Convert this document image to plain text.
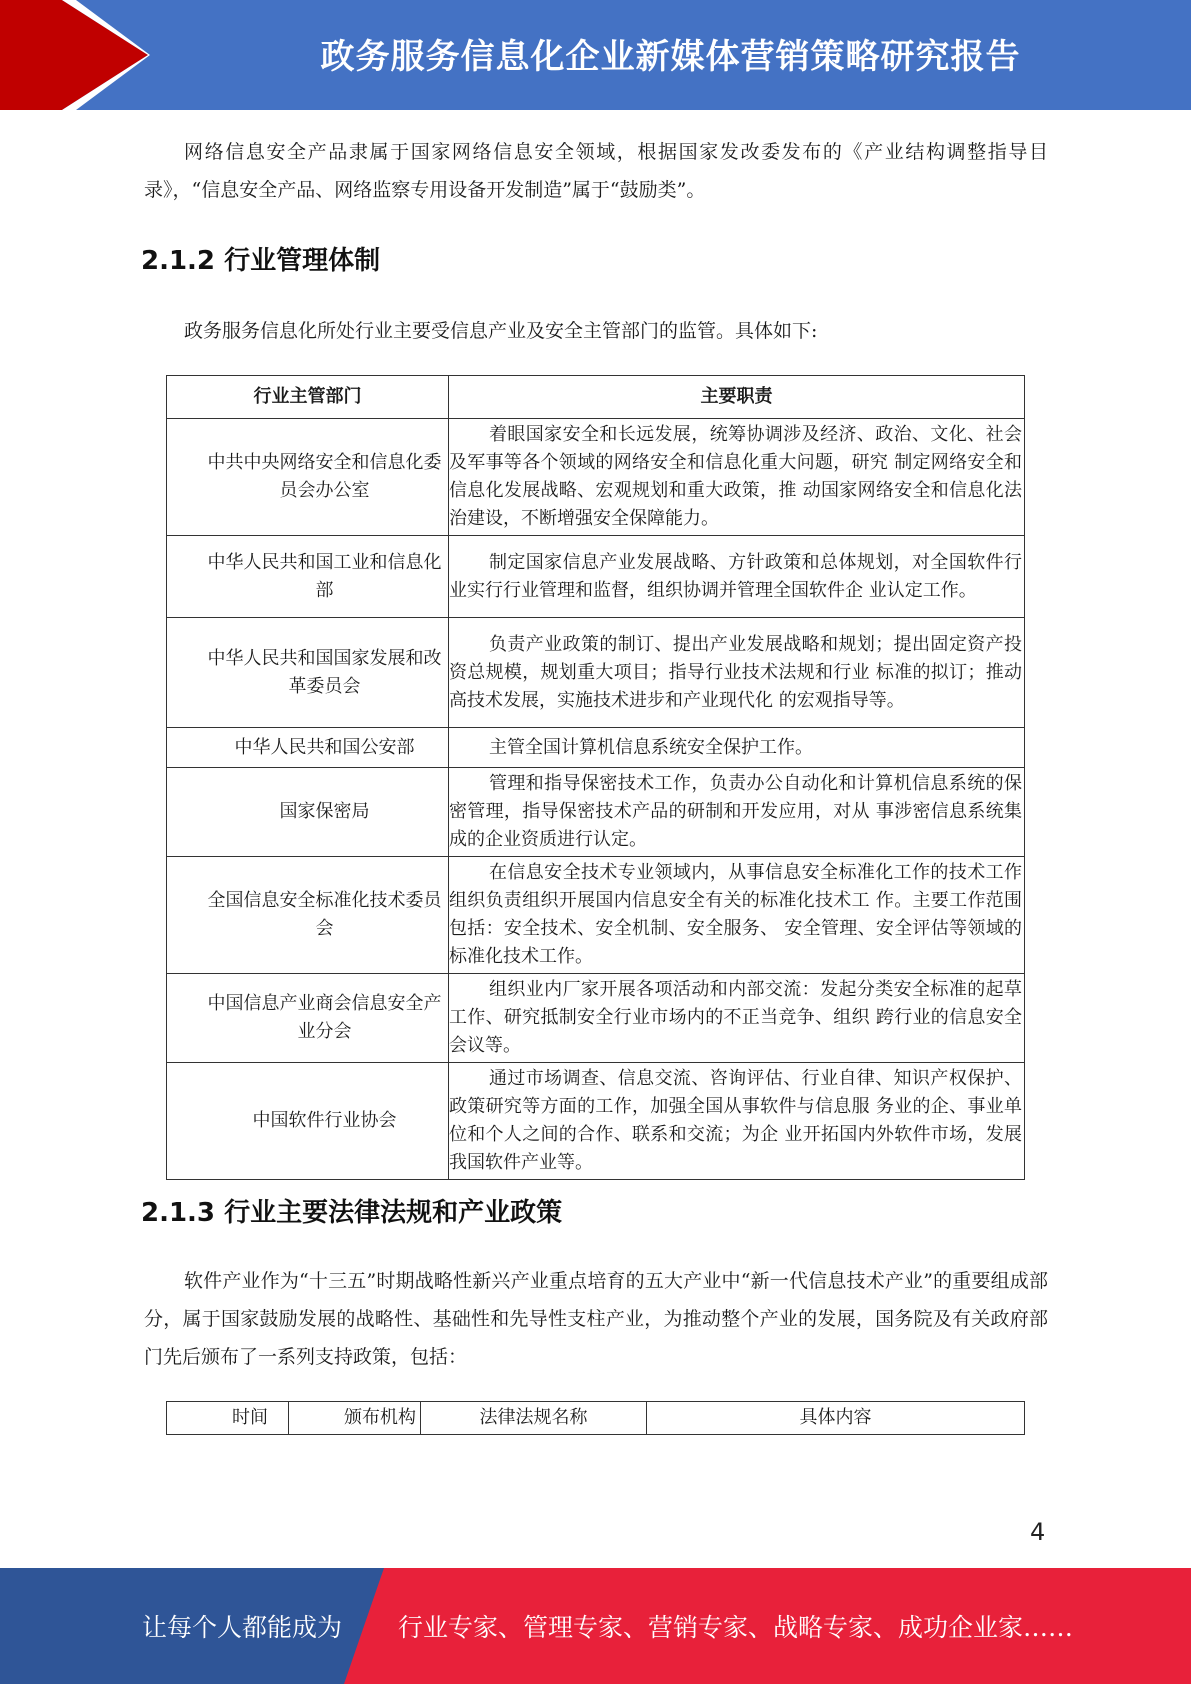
政务服务信息化企业新媒体营销策略研究报告

网络信息安全产品隶属于国家网络信息安全领域，根据国家发改委发布的《产业结构调整指导目录》，“信息安全产品、网络监察专用设备开发制造”属于“鼓励类”。

2.1.2 行业管理体制

政务服务信息化所处行业主要受信息产业及安全主管部门的监管。具体如下:

行业主管部门	主要职责
中共中央网络安全和信息化委员会办公室	着眼国家安全和长远发展，统筹协调涉及经济、政治、文化、社会及军事等各个领域的网络安全和信息化重大问题，研究 制定网络安全和信息化发展战略、宏观规划和重大政策，推 动国家网络安全和信息化法治建设，不断增强安全保障能力。
中华人民共和国工业和信息化部	制定国家信息产业发展战略、方针政策和总体规划，对全国软件行业实行行业管理和监督，组织协调并管理全国软件企 业认定工作。
中华人民共和国国家发展和改革委员会	负责产业政策的制订、提出产业发展战略和规划；提出固定资产投资总规模，规划重大项目；指导行业技术法规和行业 标准的拟订；推动高技术发展，实施技术进步和产业现代化 的宏观指导等。
中华人民共和国公安部	主管全国计算机信息系统安全保护工作。
国家保密局	管理和指导保密技术工作，负责办公自动化和计算机信息系统的保密管理，指导保密技术产品的研制和开发应用，对从 事涉密信息系统集成的企业资质进行认定。
全国信息安全标准化技术委员会	在信息安全技术专业领域内，从事信息安全标准化工作的技术工作组织负责组织开展国内信息安全有关的标准化技术工 作。主要工作范围包括：安全技术、安全机制、安全服务、 安全管理、安全评估等领域的标准化技术工作。
中国信息产业商会信息安全产业分会	组织业内厂家开展各项活动和内部交流：发起分类安全标准的起草工作、研究抵制安全行业市场内的不正当竞争、组织 跨行业的信息安全会议等。
中国软件行业协会	通过市场调查、信息交流、咨询评估、行业自律、知识产权保护、政策研究等方面的工作，加强全国从事软件与信息服 务业的企、事业单位和个人之间的合作、联系和交流；为企 业开拓国内外软件市场，发展我国软件产业等。
2.1.3 行业主要法律法规和产业政策

软件产业作为“十三五”时期战略性新兴产业重点培育的五大产业中“新一代信息技术产业”的重要组成部分，属于国家鼓励发展的战略性、基础性和先导性支柱产业，为推动整个产业的发展，国务院及有关政府部门先后颁布了一系列支持政策，包括：

时间	颁布机构	法律法规名称	具体内容
4
让每个人都能成为 行业专家、管理专家、营销专家、战略专家、成功企业家……
